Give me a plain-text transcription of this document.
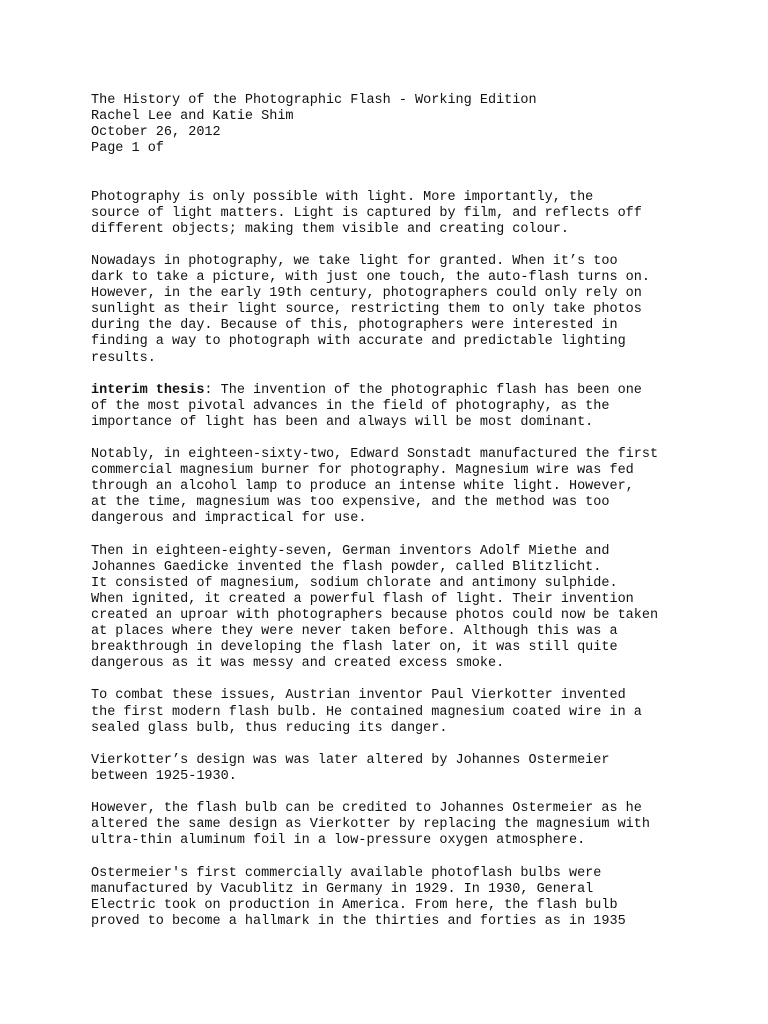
The History of the Photographic Flash - Working Edition
Rachel Lee and Katie Shim
October 26, 2012
Page 1 of
Photography is only possible with light. More importantly, the
source of light matters. Light is captured by film, and reflects off
different objects; making them visible and creating colour.
Nowadays in photography, we take light for granted. When it’s too
dark to take a picture, with just one touch, the auto-flash turns on.
However, in the early 19th century, photographers could only rely on
sunlight as their light source, restricting them to only take photos
during the day. Because of this, photographers were interested in
finding a way to photograph with accurate and predictable lighting
results.
interim thesis: The invention of the photographic flash has been one
of the most pivotal advances in the field of photography, as the
importance of light has been and always will be most dominant.
Notably, in eighteen-sixty-two, Edward Sonstadt manufactured the first
commercial magnesium burner for photography. Magnesium wire was fed
through an alcohol lamp to produce an intense white light. However,
at the time, magnesium was too expensive, and the method was too
dangerous and impractical for use.
Then in eighteen-eighty-seven, German inventors Adolf Miethe and
Johannes Gaedicke invented the flash powder, called Blitzlicht.
It consisted of magnesium, sodium chlorate and antimony sulphide.
When ignited, it created a powerful flash of light. Their invention
created an uproar with photographers because photos could now be taken
at places where they were never taken before. Although this was a
breakthrough in developing the flash later on, it was still quite
dangerous as it was messy and created excess smoke.
To combat these issues, Austrian inventor Paul Vierkotter invented
the first modern flash bulb. He contained magnesium coated wire in a
sealed glass bulb, thus reducing its danger.
Vierkotter’s design was was later altered by Johannes Ostermeier
between 1925-1930.
However, the flash bulb can be credited to Johannes Ostermeier as he
altered the same design as Vierkotter by replacing the magnesium with
ultra-thin aluminum foil in a low-pressure oxygen atmosphere.
Ostermeier's first commercially available photoflash bulbs were
manufactured by Vacublitz in Germany in 1929. In 1930, General
Electric took on production in America. From here, the flash bulb
proved to become a hallmark in the thirties and forties as in 1935
